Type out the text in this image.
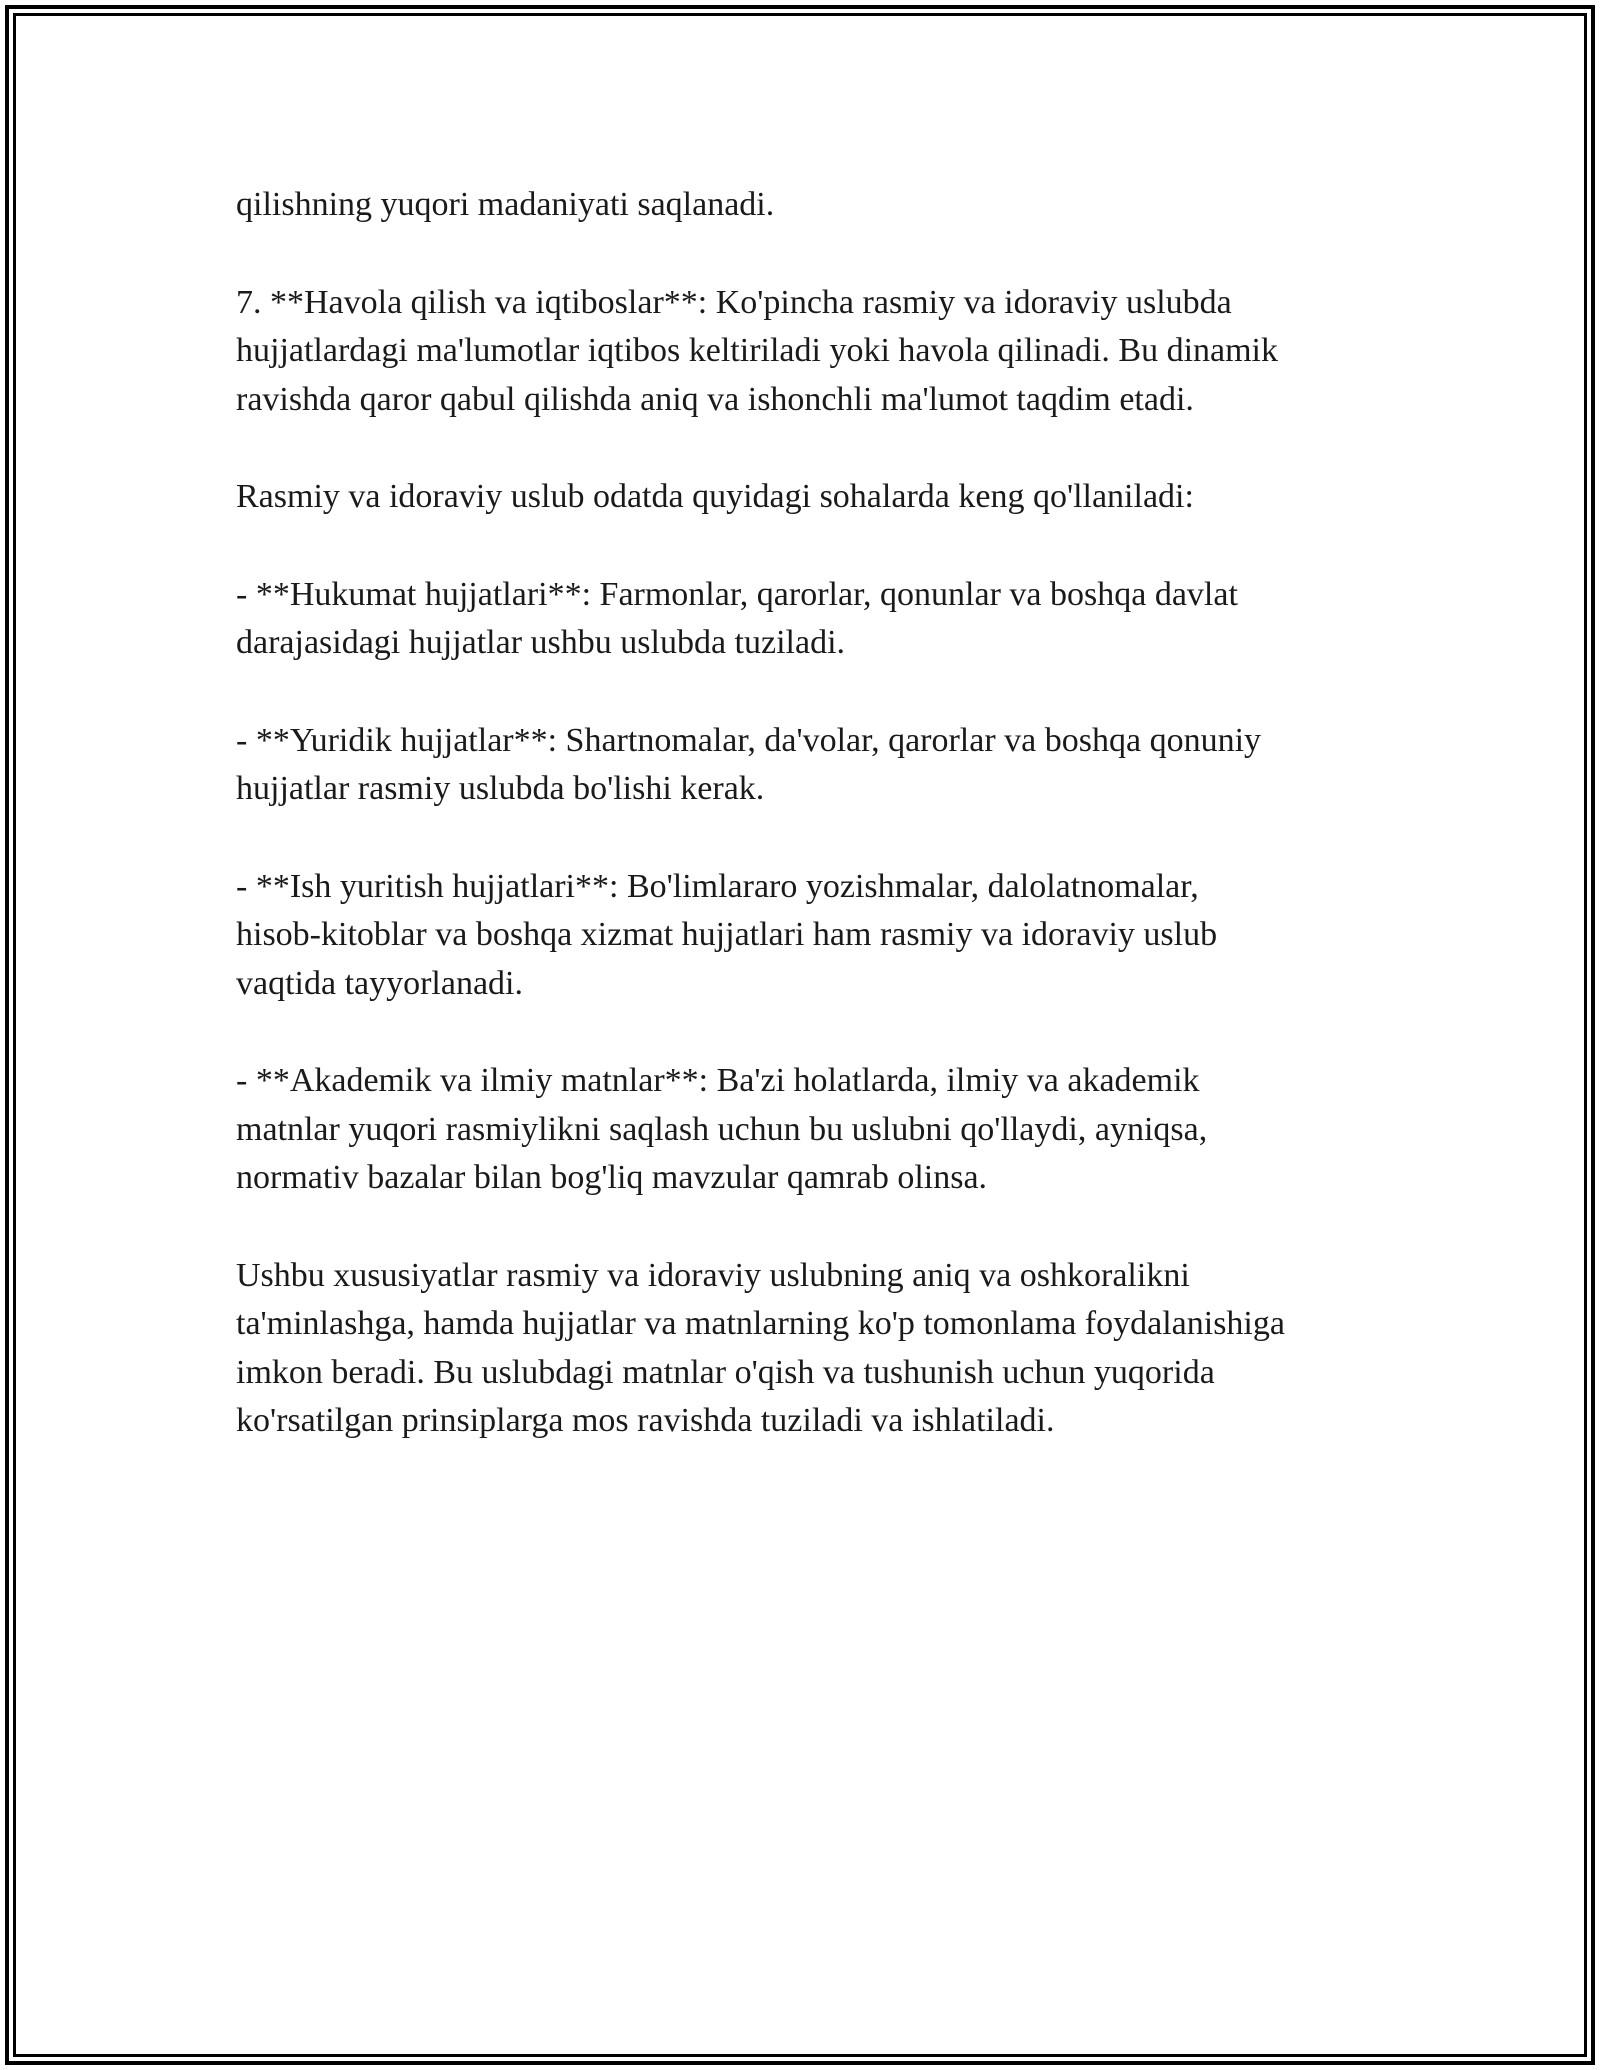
qilishning yuqori madaniyati saqlanadi.

7. **Havola qilish va iqtiboslar**: Ko'pincha rasmiy va idoraviy uslubda
hujjatlardagi ma'lumotlar iqtibos keltiriladi yoki havola qilinadi. Bu dinamik
ravishda qaror qabul qilishda aniq va ishonchli ma'lumot taqdim etadi.

Rasmiy va idoraviy uslub odatda quyidagi sohalarda keng qo'llaniladi:

- **Hukumat hujjatlari**: Farmonlar, qarorlar, qonunlar va boshqa davlat
darajasidagi hujjatlar ushbu uslubda tuziladi.

- **Yuridik hujjatlar**: Shartnomalar, da'volar, qarorlar va boshqa qonuniy
hujjatlar rasmiy uslubda bo'lishi kerak.

- **Ish yuritish hujjatlari**: Bo'limlararo yozishmalar, dalolatnomalar,
hisob-kitoblar va boshqa xizmat hujjatlari ham rasmiy va idoraviy uslub
vaqtida tayyorlanadi.

- **Akademik va ilmiy matnlar**: Ba'zi holatlarda, ilmiy va akademik
matnlar yuqori rasmiylikni saqlash uchun bu uslubni qo'llaydi, ayniqsa,
normativ bazalar bilan bog'liq mavzular qamrab olinsa.

Ushbu xususiyatlar rasmiy va idoraviy uslubning aniq va oshkoralikni
ta'minlashga, hamda hujjatlar va matnlarning ko'p tomonlama foydalanishiga
imkon beradi. Bu uslubdagi matnlar o'qish va tushunish uchun yuqorida
ko'rsatilgan prinsiplarga mos ravishda tuziladi va ishlatiladi.
